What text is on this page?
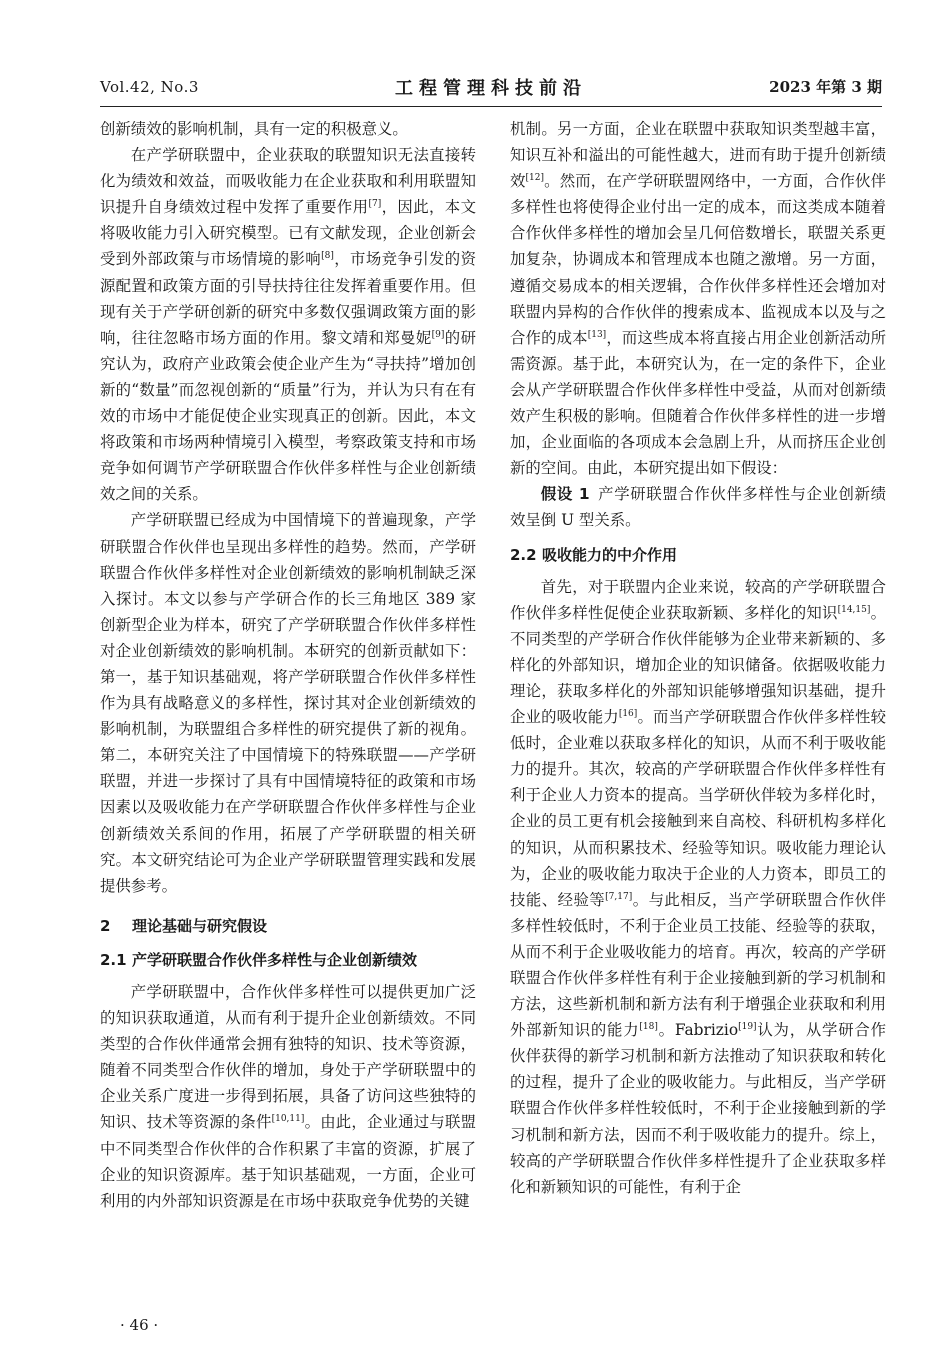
Vol.42, No.3	工程管理科技前沿	2023 年第 3 期

创新绩效的影响机制，具有一定的积极意义。

在产学研联盟中，企业获取的联盟知识无法直接转化为绩效和效益，而吸收能力在企业获取和利用联盟知识提升自身绩效过程中发挥了重要作用[7]，因此，本文将吸收能力引入研究模型。已有文献发现，企业创新会受到外部政策与市场情境的影响[8]，市场竞争引发的资源配置和政策方面的引导扶持往往发挥着重要作用。但现有关于产学研创新的研究中多数仅强调政策方面的影响，往往忽略市场方面的作用。黎文靖和郑曼妮[9]的研究认为，政府产业政策会使企业产生为“寻扶持”增加创新的“数量”而忽视创新的“质量”行为，并认为只有在有效的市场中才能促使企业实现真正的创新。因此，本文将政策和市场两种情境引入模型，考察政策支持和市场竞争如何调节产学研联盟合作伙伴多样性与企业创新绩效之间的关系。

产学研联盟已经成为中国情境下的普遍现象，产学研联盟合作伙伴也呈现出多样性的趋势。然而，产学研联盟合作伙伴多样性对企业创新绩效的影响机制缺乏深入探讨。本文以参与产学研合作的长三角地区 389 家创新型企业为样本，研究了产学研联盟合作伙伴多样性对企业创新绩效的影响机制。本研究的创新贡献如下：第一，基于知识基础观，将产学研联盟合作伙伴多样性作为具有战略意义的多样性，探讨其对企业创新绩效的影响机制，为联盟组合多样性的研究提供了新的视角。第二，本研究关注了中国情境下的特殊联盟——产学研联盟，并进一步探讨了具有中国情境特征的政策和市场因素以及吸收能力在产学研联盟合作伙伴多样性与企业创新绩效关系间的作用，拓展了产学研联盟的相关研究。本文研究结论可为企业产学研联盟管理实践和发展提供参考。

2 理论基础与研究假设
2.1 产学研联盟合作伙伴多样性与企业创新绩效

产学研联盟中，合作伙伴多样性可以提供更加广泛的知识获取通道，从而有利于提升企业创新绩效。不同类型的合作伙伴通常会拥有独特的知识、技术等资源，随着不同类型合作伙伴的增加，身处于产学研联盟中的企业关系广度进一步得到拓展，具备了访问这些独特的知识、技术等资源的条件[10,11]。由此，企业通过与联盟中不同类型合作伙伴的合作积累了丰富的资源，扩展了企业的知识资源库。基于知识基础观，一方面，企业可利用的内外部知识资源是在市场中获取竞争优势的关键

机制。另一方面，企业在联盟中获取知识类型越丰富，知识互补和溢出的可能性越大，进而有助于提升创新绩效[12]。然而，在产学研联盟网络中，一方面，合作伙伴多样性也将使得企业付出一定的成本，而这类成本随着合作伙伴多样性的增加会呈几何倍数增长，联盟关系更加复杂，协调成本和管理成本也随之激增。另一方面，遵循交易成本的相关逻辑，合作伙伴多样性还会增加对联盟内异构的合作伙伴的搜索成本、监视成本以及与之合作的成本[13]，而这些成本将直接占用企业创新活动所需资源。基于此，本研究认为，在一定的条件下，企业会从产学研联盟合作伙伴多样性中受益，从而对创新绩效产生积极的影响。但随着合作伙伴多样性的进一步增加，企业面临的各项成本会急剧上升，从而挤压企业创新的空间。由此，本研究提出如下假设：

假设 1 产学研联盟合作伙伴多样性与企业创新绩效呈倒 U 型关系。

2.2 吸收能力的中介作用

首先，对于联盟内企业来说，较高的产学研联盟合作伙伴多样性促使企业获取新颖、多样化的知识[14,15]。不同类型的产学研合作伙伴能够为企业带来新颖的、多样化的外部知识，增加企业的知识储备。依据吸收能力理论，获取多样化的外部知识能够增强知识基础，提升企业的吸收能力[16]。而当产学研联盟合作伙伴多样性较低时，企业难以获取多样化的知识，从而不利于吸收能力的提升。其次，较高的产学研联盟合作伙伴多样性有利于企业人力资本的提高。当学研伙伴较为多样化时，企业的员工更有机会接触到来自高校、科研机构多样化的知识，从而积累技术、经验等知识。吸收能力理论认为，企业的吸收能力取决于企业的人力资本，即员工的技能、经验等[7,17]。与此相反，当产学研联盟合作伙伴多样性较低时，不利于企业员工技能、经验等的获取，从而不利于企业吸收能力的培育。再次，较高的产学研联盟合作伙伴多样性有利于企业接触到新的学习机制和方法，这些新机制和新方法有利于增强企业获取和利用外部新知识的能力[18]。Fabrizio[19]认为，从学研合作伙伴获得的新学习机制和新方法推动了知识获取和转化的过程，提升了企业的吸收能力。与此相反，当产学研联盟合作伙伴多样性较低时，不利于企业接触到新的学习机制和新方法，因而不利于吸收能力的提升。综上，较高的产学研联盟合作伙伴多样性提升了企业获取多样化和新颖知识的可能性，有利于企

· 46 ·
